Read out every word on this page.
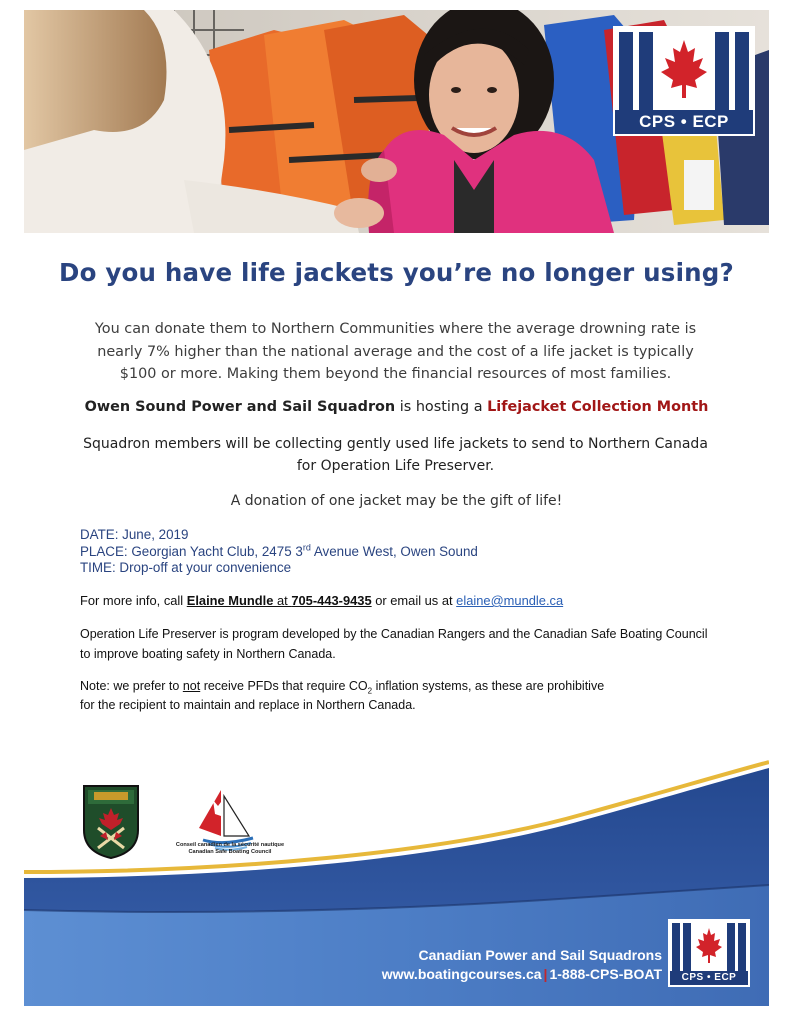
CPS • ECP
Do you have life jackets you’re no longer using?
You can donate them to Northern Communities where the average drowning rate is nearly 7% higher than the national average and the cost of a life jacket is typically $100 or more. Making them beyond the financial resources of most families.
Owen Sound Power and Sail Squadron is hosting a Lifejacket Collection Month
Squadron members will be collecting gently used life jackets to send to Northern Canada for Operation Life Preserver.
A donation of one jacket may be the gift of life!
DATE: June, 2019
PLACE: Georgian Yacht Club, 2475 3rd Avenue West, Owen Sound
TIME: Drop-off at your convenience
For more info, call Elaine Mundle at 705-443-9435 or email us at elaine@mundle.ca
Operation Life Preserver is program developed by the Canadian Rangers and the Canadian Safe Boating Council to improve boating safety in Northern Canada.
Note: we prefer to not receive PFDs that require $CO_2$ inflation systems, as these are prohibitive
for the recipient to maintain and replace in Northern Canada.
Conseil canadien de la sécurité nautique
Canadian Safe Boating Council
Canadian Power and Sail Squadrons
www.boatingcourses.ca | 1-888-CPS-BOAT	CPS • ECP
